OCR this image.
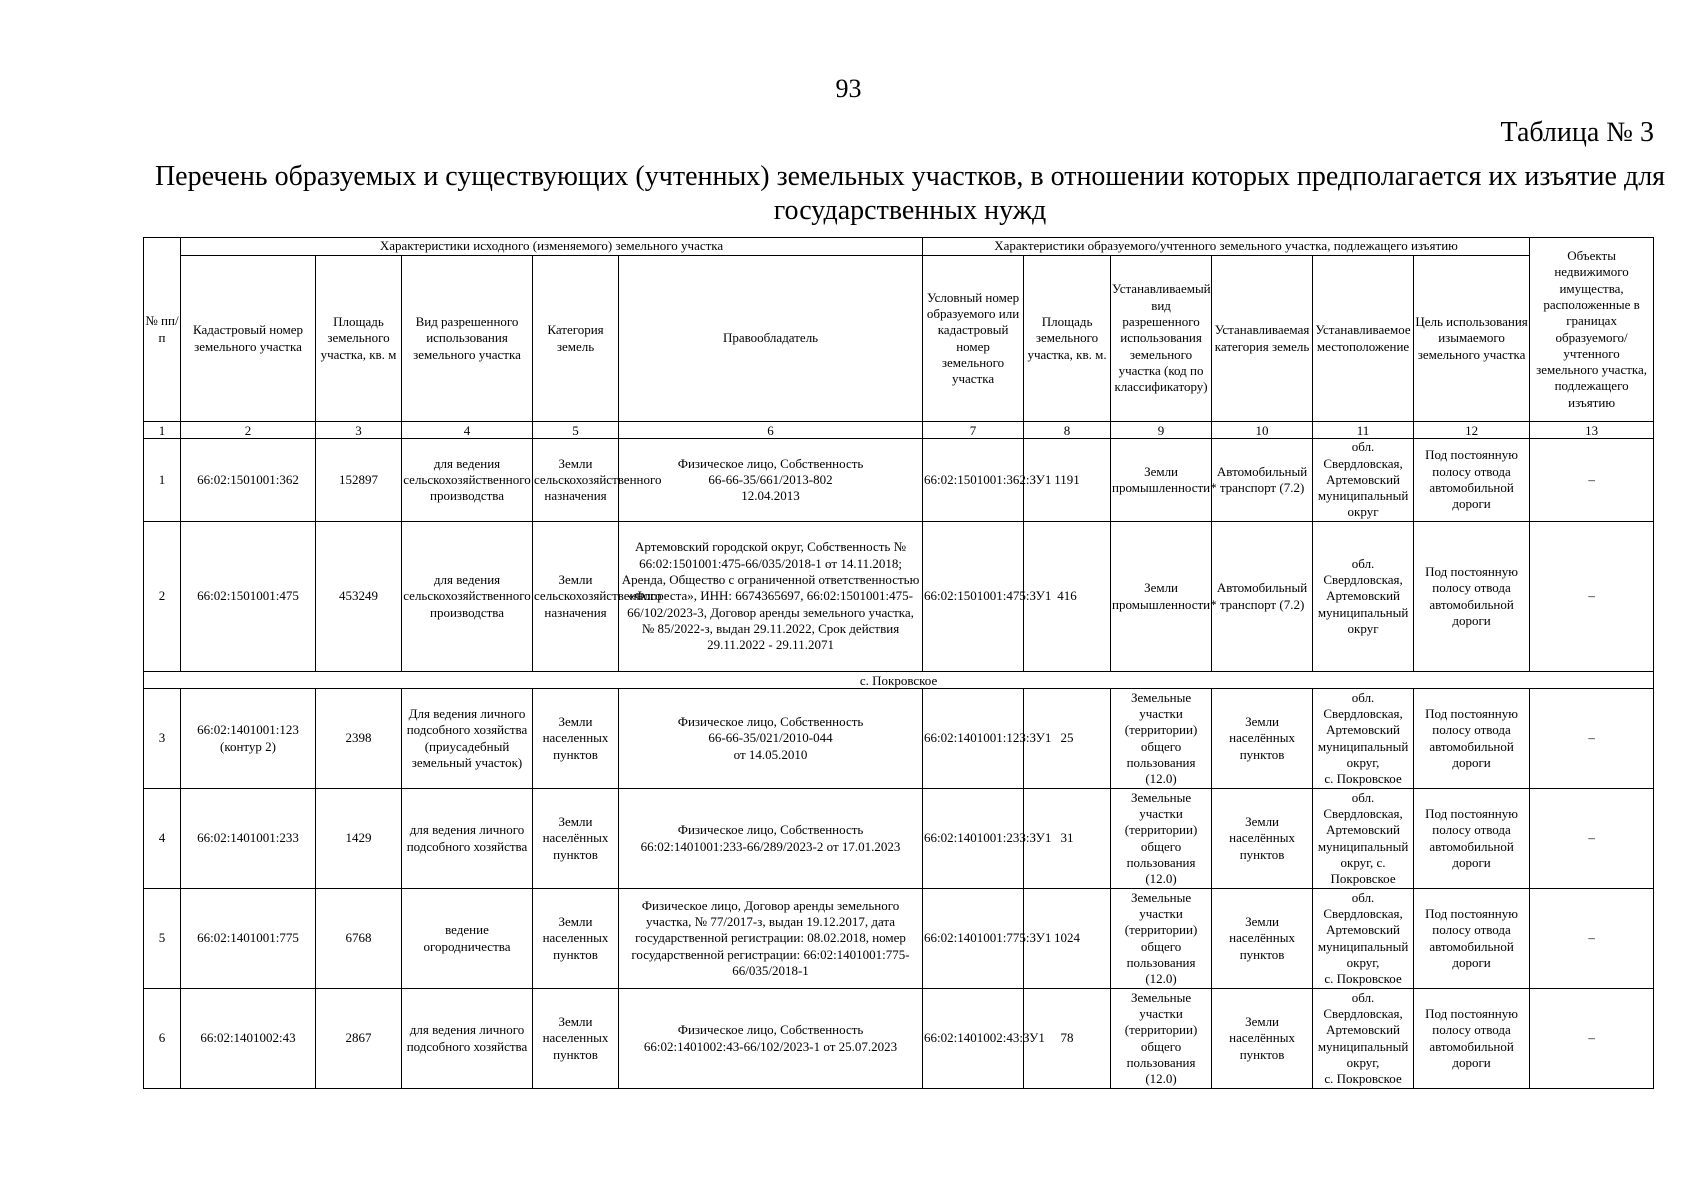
93
Таблица № 3
Перечень образуемых и существующих (учтенных) земельных участков, в отношении которых предполагается их изъятие для государственных нужд
№ пп/п	Характеристики исходного (изменяемого) земельного участка					Характеристики образуемого/учтенного земельного участка, подлежащего изъятию						Объекты недвижимого имущества, расположенные в границах образуемого/учтенного земельного участка, подлежащего изъятию
	Кадастровый номер земельного участка	Площадь земельного участка, кв. м	Вид разрешенного использования земельного участка	Категория земель	Правообладатель	Условный номер образуемого или кадастровый номер земельного участка	Площадь земельного участка, кв. м.	Устанавливаемый вид разрешенного использования земельного участка (код по классификатору)	Устанавливаемая категория земель	Устанавливаемое местоположение	Цель использования изымаемого земельного участка	
1	2	3	4	5	6	7	8	9	10	11	12	13
1	66:02:1501001:362	152897	для ведения сельскохозяйственного производства	Земли сельскохозяйственного назначения	Физическое лицо, Собственность
66-66-35/661/2013-802
12.04.2013	66:02:1501001:362:ЗУ1	1191	Земли промышленности*	Автомобильный транспорт (7.2)	обл. Свердловская, Артемовский муниципальный округ	Под постоянную полосу отвода автомобильной дороги	–
2	66:02:1501001:475	453249	для ведения сельскохозяйственного производства	Земли сельскохозяйственного назначения	Артемовский городской округ, Собственность № 66:02:1501001:475-66/035/2018-1 от 14.11.2018;
Аренда, Общество с ограниченной ответственностью «Флореста», ИНН: 6674365697, 66:02:1501001:475-66/102/2023-3, Договор аренды земельного участка, № 85/2022-з, выдан 29.11.2022, Срок действия 29.11.2022 - 29.11.2071	66:02:1501001:475:ЗУ1	416	Земли промышленности*	Автомобильный транспорт (7.2)	обл. Свердловская, Артемовский муниципальный округ	Под постоянную полосу отвода автомобильной дороги	–
с. Покровское												
3	66:02:1401001:123
(контур 2)	2398	Для ведения личного подсобного хозяйства (приусадебный земельный участок)	Земли населенных пунктов	Физическое лицо, Собственность
66-66-35/021/2010-044
от 14.05.2010	66:02:1401001:123:ЗУ1	25	Земельные участки (территории) общего пользования (12.0)	Земли населённых пунктов	обл. Свердловская, Артемовский муниципальный округ,
с. Покровское	Под постоянную полосу отвода автомобильной дороги	–
4	66:02:1401001:233	1429	для ведения личного подсобного хозяйства	Земли населённых пунктов	Физическое лицо, Собственность
66:02:1401001:233-66/289/2023-2 от 17.01.2023	66:02:1401001:233:ЗУ1	31	Земельные участки (территории) общего пользования (12.0)	Земли населённых пунктов	обл. Свердловская, Артемовский муниципальный округ, с. Покровское	Под постоянную полосу отвода автомобильной дороги	–
5	66:02:1401001:775	6768	ведение огородничества	Земли населенных пунктов	Физическое лицо, Договор аренды земельного участка, № 77/2017-з, выдан 19.12.2017, дата государственной регистрации: 08.02.2018, номер государственной регистрации: 66:02:1401001:775-66/035/2018-1	66:02:1401001:775:ЗУ1	1024	Земельные участки (территории) общего пользования (12.0)	Земли населённых пунктов	обл. Свердловская, Артемовский муниципальный округ,
с. Покровское	Под постоянную полосу отвода автомобильной дороги	–
6	66:02:1401002:43	2867	для ведения личного подсобного хозяйства	Земли населенных пунктов	Физическое лицо, Собственность
66:02:1401002:43-66/102/2023-1 от 25.07.2023	66:02:1401002:43:ЗУ1	78	Земельные участки (территории) общего пользования (12.0)	Земли населённых пунктов	обл. Свердловская, Артемовский муниципальный округ,
с. Покровское	Под постоянную полосу отвода автомобильной дороги	–
